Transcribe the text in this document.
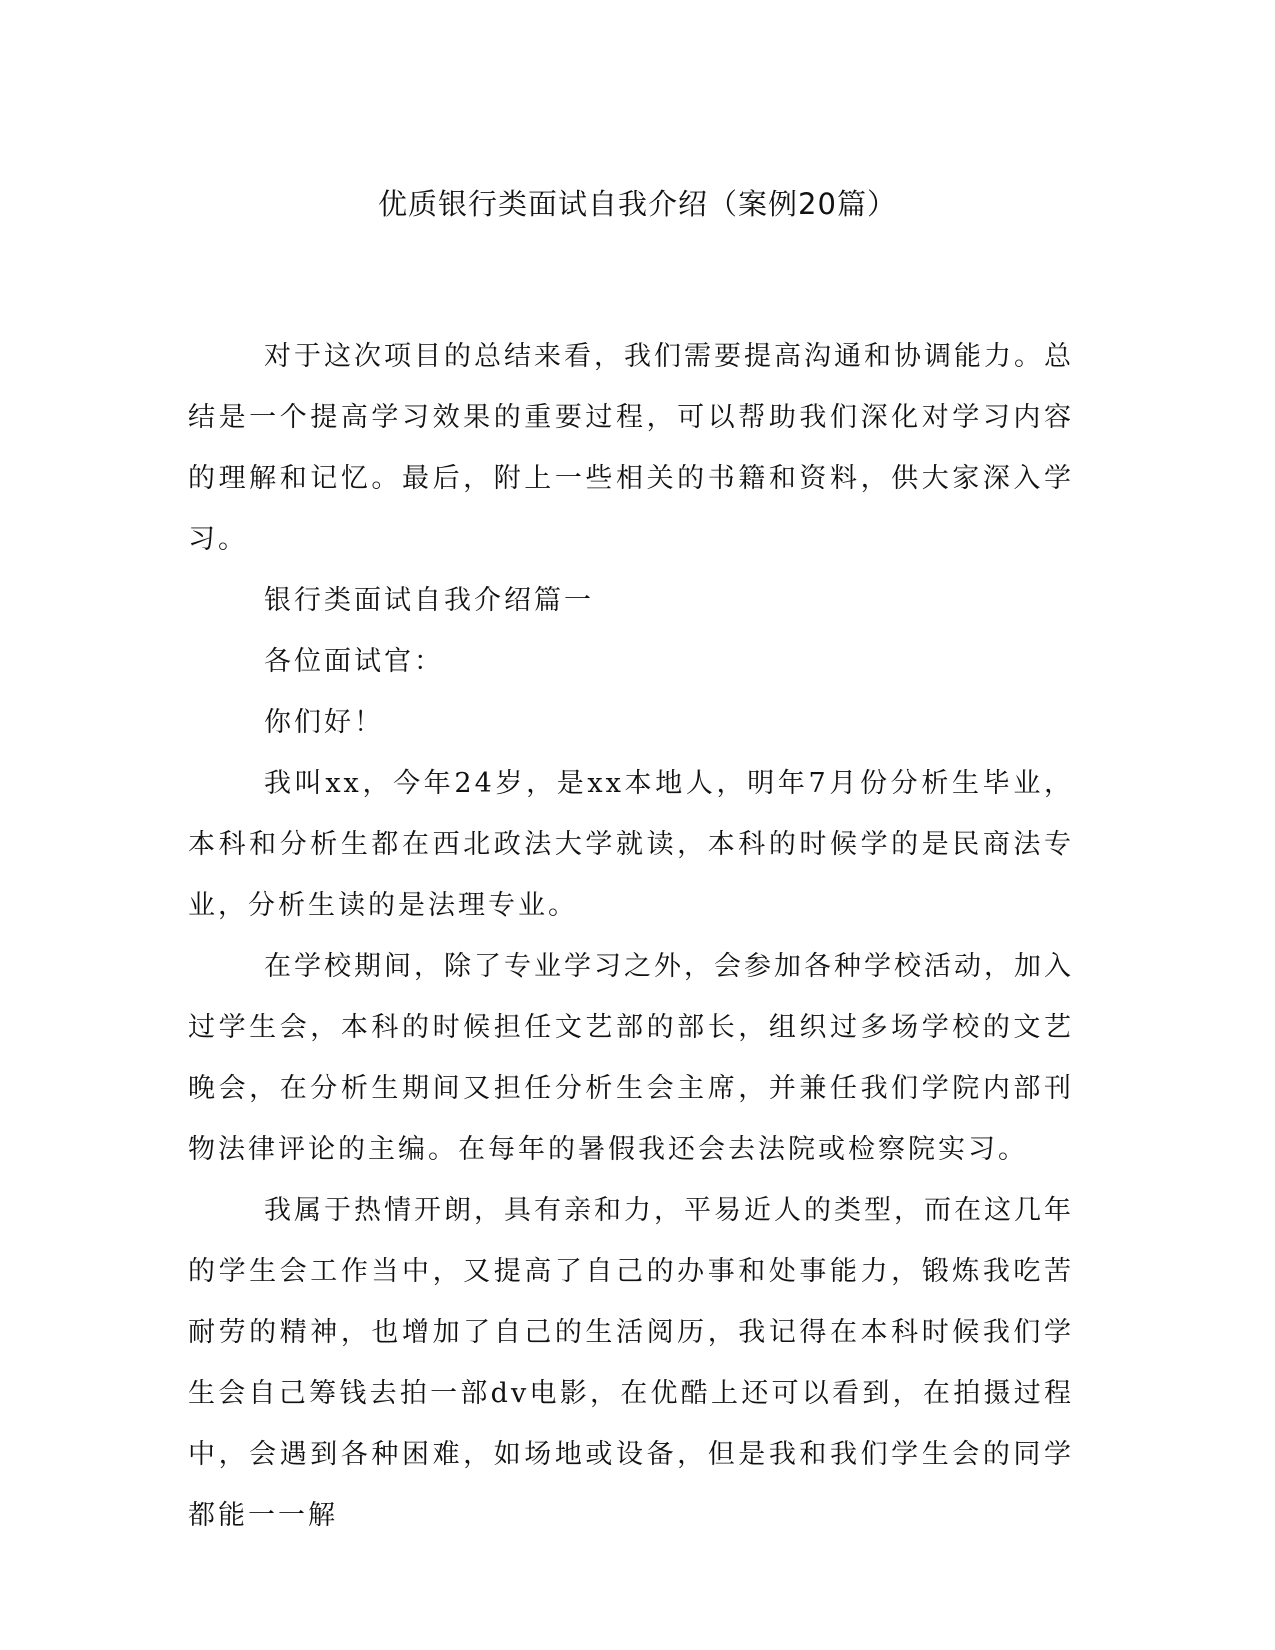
优质银行类面试自我介绍（案例20篇）

对于这次项目的总结来看，我们需要提高沟通和协调能力。总结是一个提高学习效果的重要过程，可以帮助我们深化对学习内容的理解和记忆。最后，附上一些相关的书籍和资料，供大家深入学习。

银行类面试自我介绍篇一

各位面试官：

你们好！

我叫xx，今年24岁，是xx本地人，明年7月份分析生毕业，本科和分析生都在西北政法大学就读，本科的时候学的是民商法专业，分析生读的是法理专业。

在学校期间，除了专业学习之外，会参加各种学校活动，加入过学生会，本科的时候担任文艺部的部长，组织过多场学校的文艺晚会，在分析生期间又担任分析生会主席，并兼任我们学院内部刊物法律评论的主编。在每年的暑假我还会去法院或检察院实习。

我属于热情开朗，具有亲和力，平易近人的类型，而在这几年的学生会工作当中，又提高了自己的办事和处事能力，锻炼我吃苦耐劳的精神，也增加了自己的生活阅历，我记得在本科时候我们学生会自己筹钱去拍一部dv电影，在优酷上还可以看到，在拍摄过程中，会遇到各种困难，如场地或设备，但是我和我们学生会的同学都能一一解
